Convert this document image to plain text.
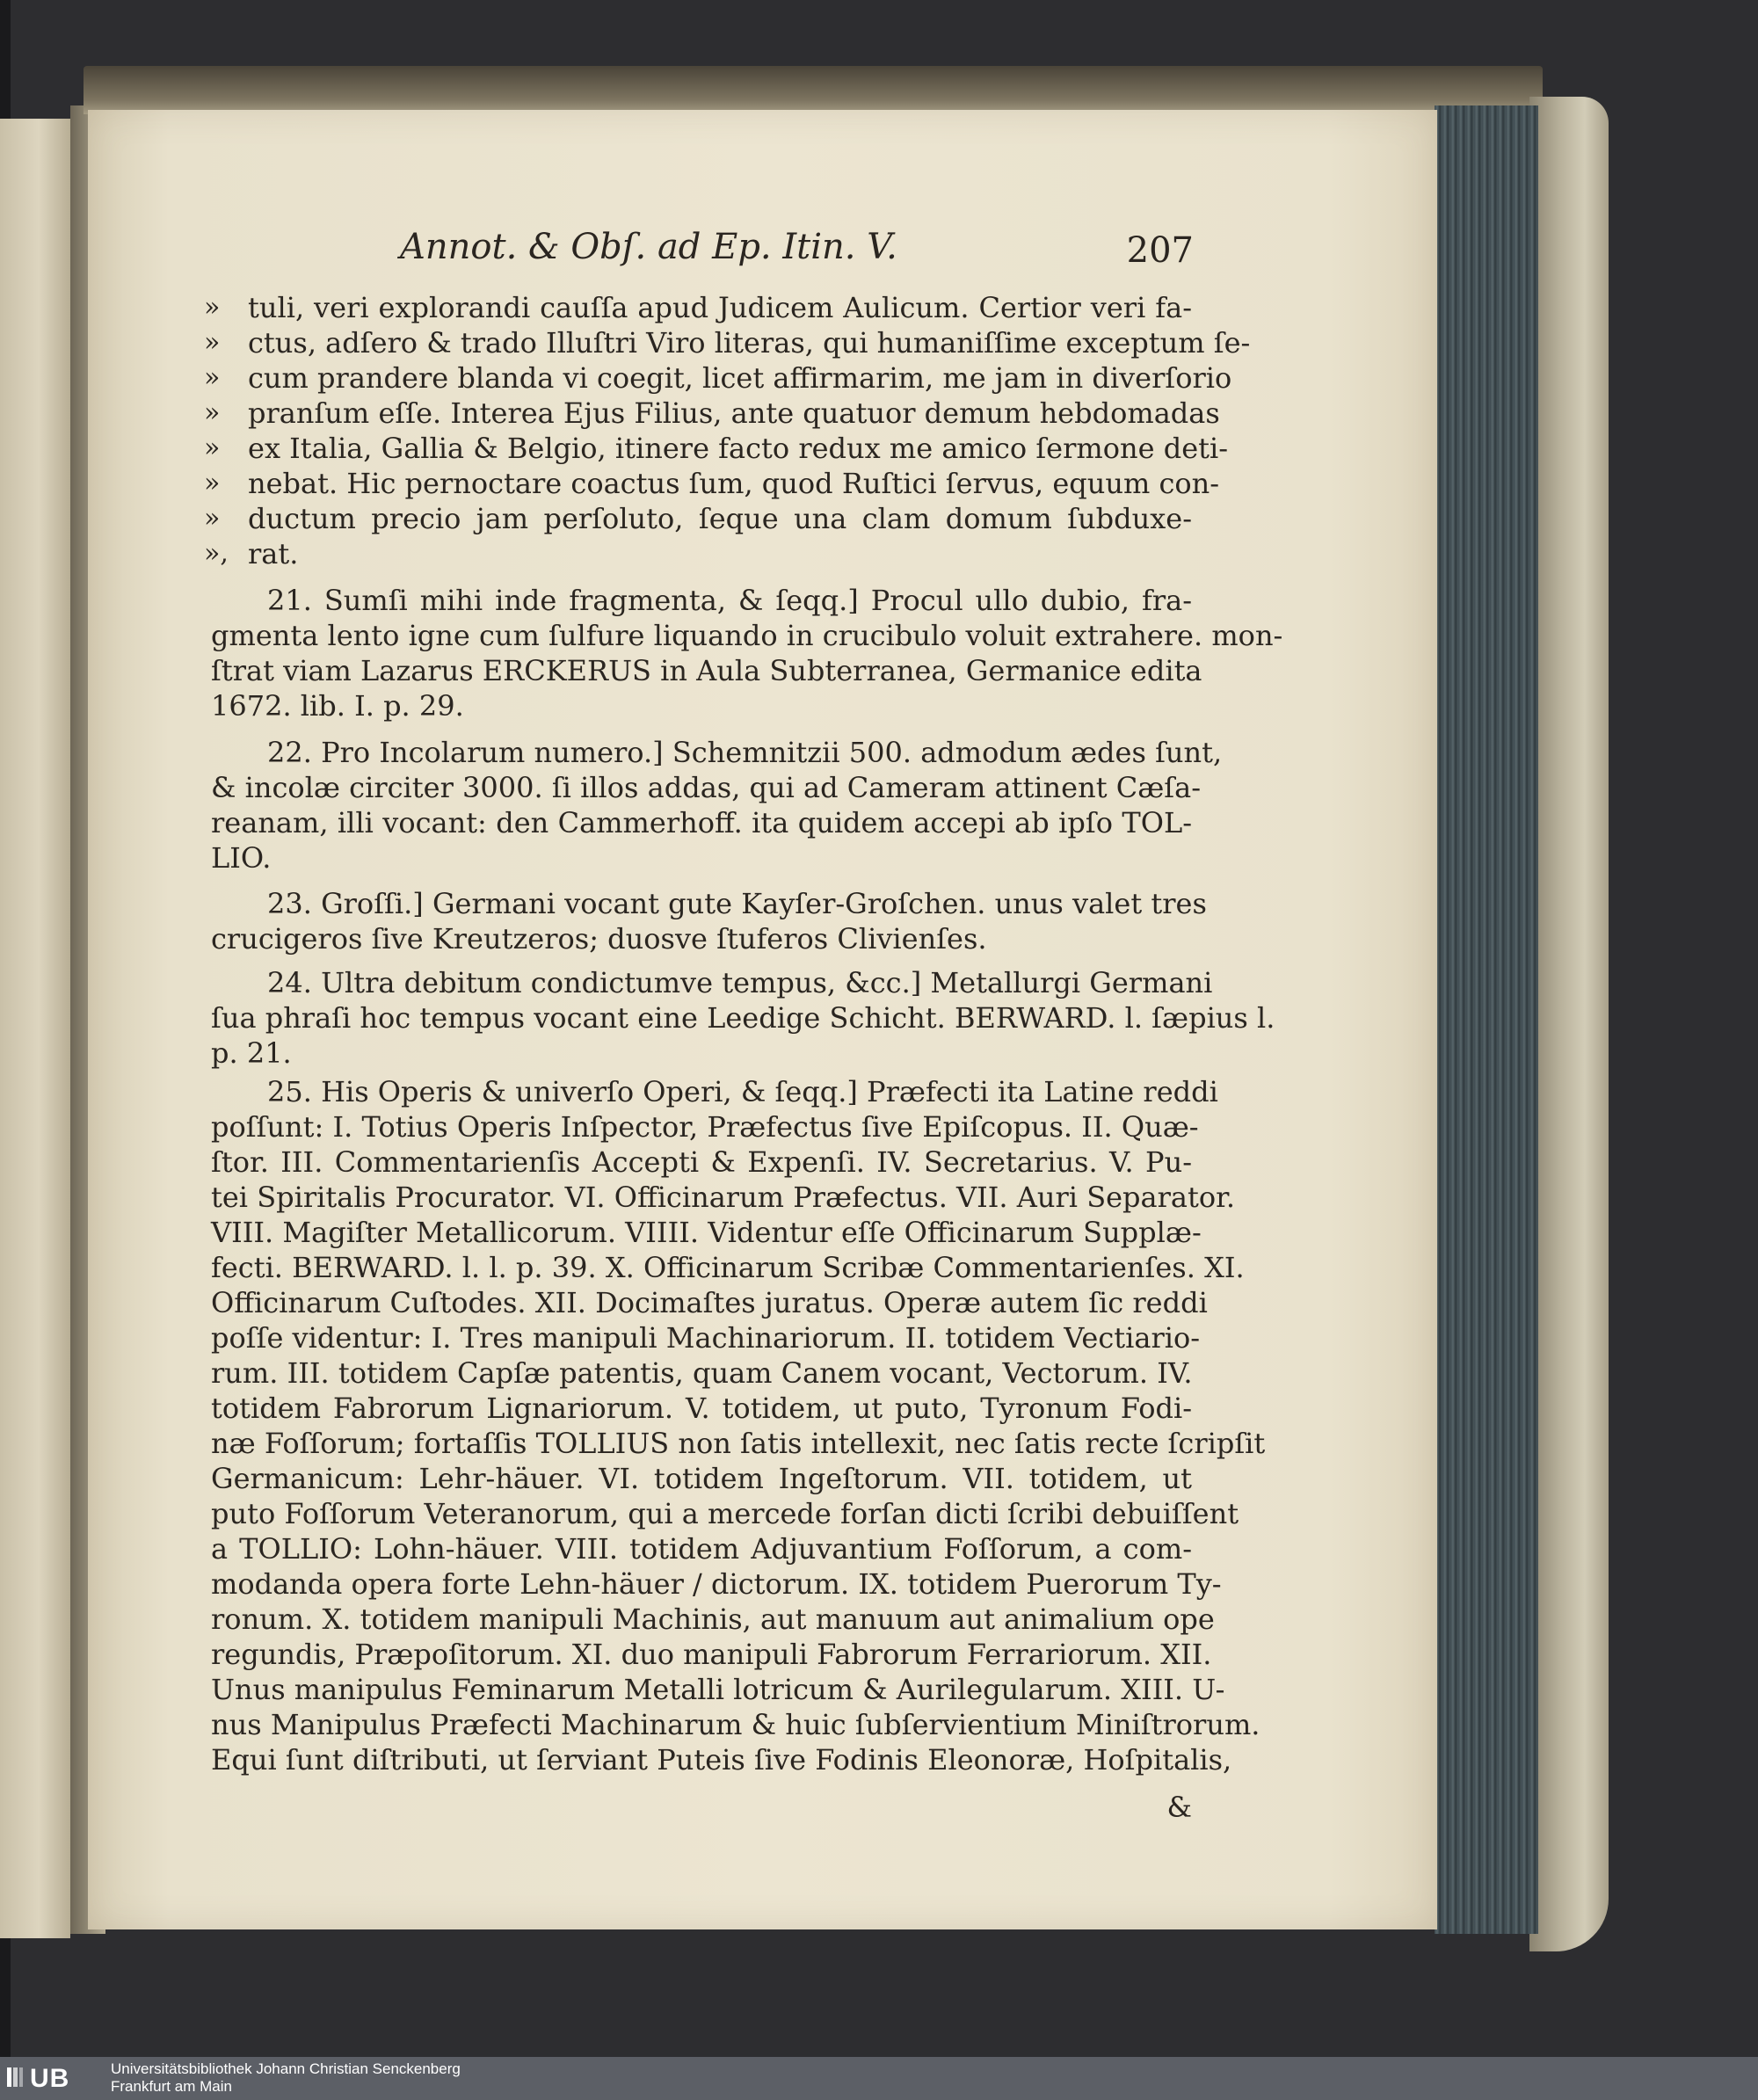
Annot. & Obſ. ad Ep. Itin. V.	207
»
»
»
»
»
»
»
»,
tuli, veri explorandi cauſſa apud Judicem Aulicum. Certior veri fa-
ctus, adſero & trado Illuſtri Viro literas, qui humaniſſime exceptum ſe-
cum prandere blanda vi coegit, licet affirmarim, me jam in diverſorio
pranſum eſſe. Interea Ejus Filius, ante quatuor demum hebdomadas
ex Italia, Gallia & Belgio, itinere facto redux me amico ſermone deti-
nebat. Hic pernoctare coactus ſum, quod Ruſtici ſervus, equum con-
ductum precio jam perſoluto, ſeque una clam domum ſubduxe-
rat.
21. Sumſi mihi inde fragmenta, & ſeqq.] Procul ullo dubio, fra-
gmenta lento igne cum ſulfure liquando in crucibulo voluit extrahere. mon-
ſtrat viam Lazarus ERCKERUS in Aula Subterranea, Germanice edita
1672. lib. I. p. 29.
22. Pro Incolarum numero.] Schemnitzii 500. admodum ædes ſunt,
& incolæ circiter 3000. ſi illos addas, qui ad Cameram attinent Cæſa-
reanam, illi vocant: den Cammerhoff. ita quidem accepi ab ipſo TOL-
LIO.
23. Groſſi.] Germani vocant gute Kayſer-Groſchen. unus valet tres
crucigeros ſive Kreutzeros; duosve ſtuferos Clivienſes.
24. Ultra debitum condictumve tempus, &cc.] Metallurgi Germani
ſua phraſi hoc tempus vocant eine Leedige Schicht. BERWARD. l. ſæpius l.
p. 21.
25. His Operis & univerſo Operi, & ſeqq.] Præfecti ita Latine reddi
poſſunt: I. Totius Operis Inſpector, Præfectus ſive Epiſcopus. II. Quæ-
ſtor. III. Commentarienſis Accepti & Expenſi. IV. Secretarius. V. Pu-
tei Spiritalis Procurator. VI. Officinarum Præfectus. VII. Auri Separator.
VIII. Magiſter Metallicorum. VIIII. Videntur eſſe Officinarum Supplæ-
fecti. BERWARD. l. l. p. 39. X. Officinarum Scribæ Commentarienſes. XI.
Officinarum Cuſtodes. XII. Docimaſtes juratus. Operæ autem ſic reddi
poſſe videntur: I. Tres manipuli Machinariorum. II. totidem Vectiario-
rum. III. totidem Capſæ patentis, quam Canem vocant, Vectorum. IV.
totidem Fabrorum Lignariorum. V. totidem, ut puto, Tyronum Fodi-
næ Foſſorum; fortaſſis TOLLIUS non ſatis intellexit, nec ſatis recte ſcripſit
Germanicum: Lehr-häuer. VI. totidem Ingeſtorum. VII. totidem, ut
puto Foſſorum Veteranorum, qui a mercede forſan dicti ſcribi debuiſſent
a TOLLIO: Lohn-häuer. VIII. totidem Adjuvantium Foſſorum, a com-
modanda opera forte Lehn-häuer / dictorum. IX. totidem Puerorum Ty-
ronum. X. totidem manipuli Machinis, aut manuum aut animalium ope
regundis, Præpoſitorum. XI. duo manipuli Fabrorum Ferrariorum. XII.
Unus manipulus Feminarum Metalli lotricum & Aurilegularum. XIII. U-
nus Manipulus Præfecti Machinarum & huic ſubſervientium Miniſtrorum.
Equi ſunt diſtributi, ut ſerviant Puteis ſive Fodinis Eleonoræ, Hoſpitalis,
&
UB	Universitätsbibliothek Johann Christian Senckenberg
Frankfurt am Main
